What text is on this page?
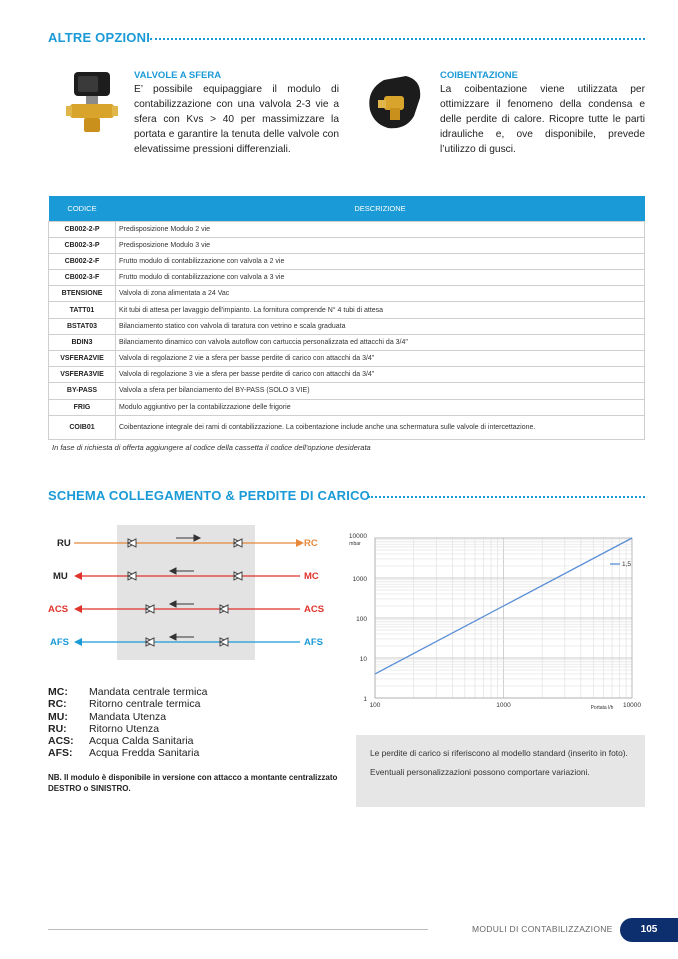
ALTRE OPZIONI
VALVOLE A SFERA
E’ possibile equipaggiare il modulo di contabilizzazione con una valvola 2-3 vie a sfera con Kvs > 40 per massimizzare la portata e garantire la tenuta delle valvole con elevatissime pressioni differenziali.
COIBENTAZIONE
La coibentazione viene utilizzata per ottimizzare il fenomeno della condensa e delle perdite di calore. Ricopre tutte le parti idrauliche e, ove disponibile, prevede l’utilizzo di gusci.
CODICE	DESCRIZIONE
CB002-2-P	Predisposizione Modulo 2 vie
CB002-3-P	Predisposizione Modulo 3 vie
CB002-2-F	Frutto modulo di contabilizzazione con valvola a 2 vie
CB002-3-F	Frutto modulo di contabilizzazione con valvola a 3 vie
BTENSIONE	Valvola di zona alimentata a 24 Vac
TATT01	Kit tubi di attesa per lavaggio dell'impianto. La fornitura comprende N° 4 tubi di attesa
BSTAT03	Bilanciamento statico con valvola di taratura con vetrino e scala graduata
BDIN3	Bilanciamento dinamico con valvola autoflow con cartuccia personalizzata ed attacchi da 3/4"
VSFERA2VIE	Valvola di regolazione 2 vie a sfera per basse perdite di carico con attacchi da 3/4"
VSFERA3VIE	Valvola di regolazione 3 vie a sfera per basse perdite di carico con attacchi da 3/4"
BY-PASS	Valvola a sfera per bilanciamento del BY-PASS (SOLO 3 VIE)
FRIG	Modulo aggiuntivo per la contabilizzazione delle frigorie
COIB01	Coibentazione integrale dei rami di contabilizzazione. La coibentazione include anche una schermatura sulle valvole di intercettazione.
In fase di richiesta di offerta aggiungere al codice della cassetta il codice dell'opzione desiderata
SCHEMA COLLEGAMENTO & PERDITE DI CARICO
RU	RC
MU	MC
ACS	ACS
AFS	AFS
1
10
100
1000
10000
mbar
100	1000	10000
Portata l/h
1,5
MC:	Mandata centrale termica
RC:	Ritorno centrale termica
MU:	Mandata Utenza
RU:	Ritorno Utenza
ACS:	Acqua Calda Sanitaria
AFS:	Acqua Fredda Sanitaria
NB. Il modulo è disponibile in versione con attacco a montante centralizzato DESTRO o SINISTRO.
Le perdite di carico si riferiscono al modello standard (inserito in foto).
Eventuali personalizzazioni possono comportare variazioni.
MODULI DI CONTABILIZZAZIONE	105
